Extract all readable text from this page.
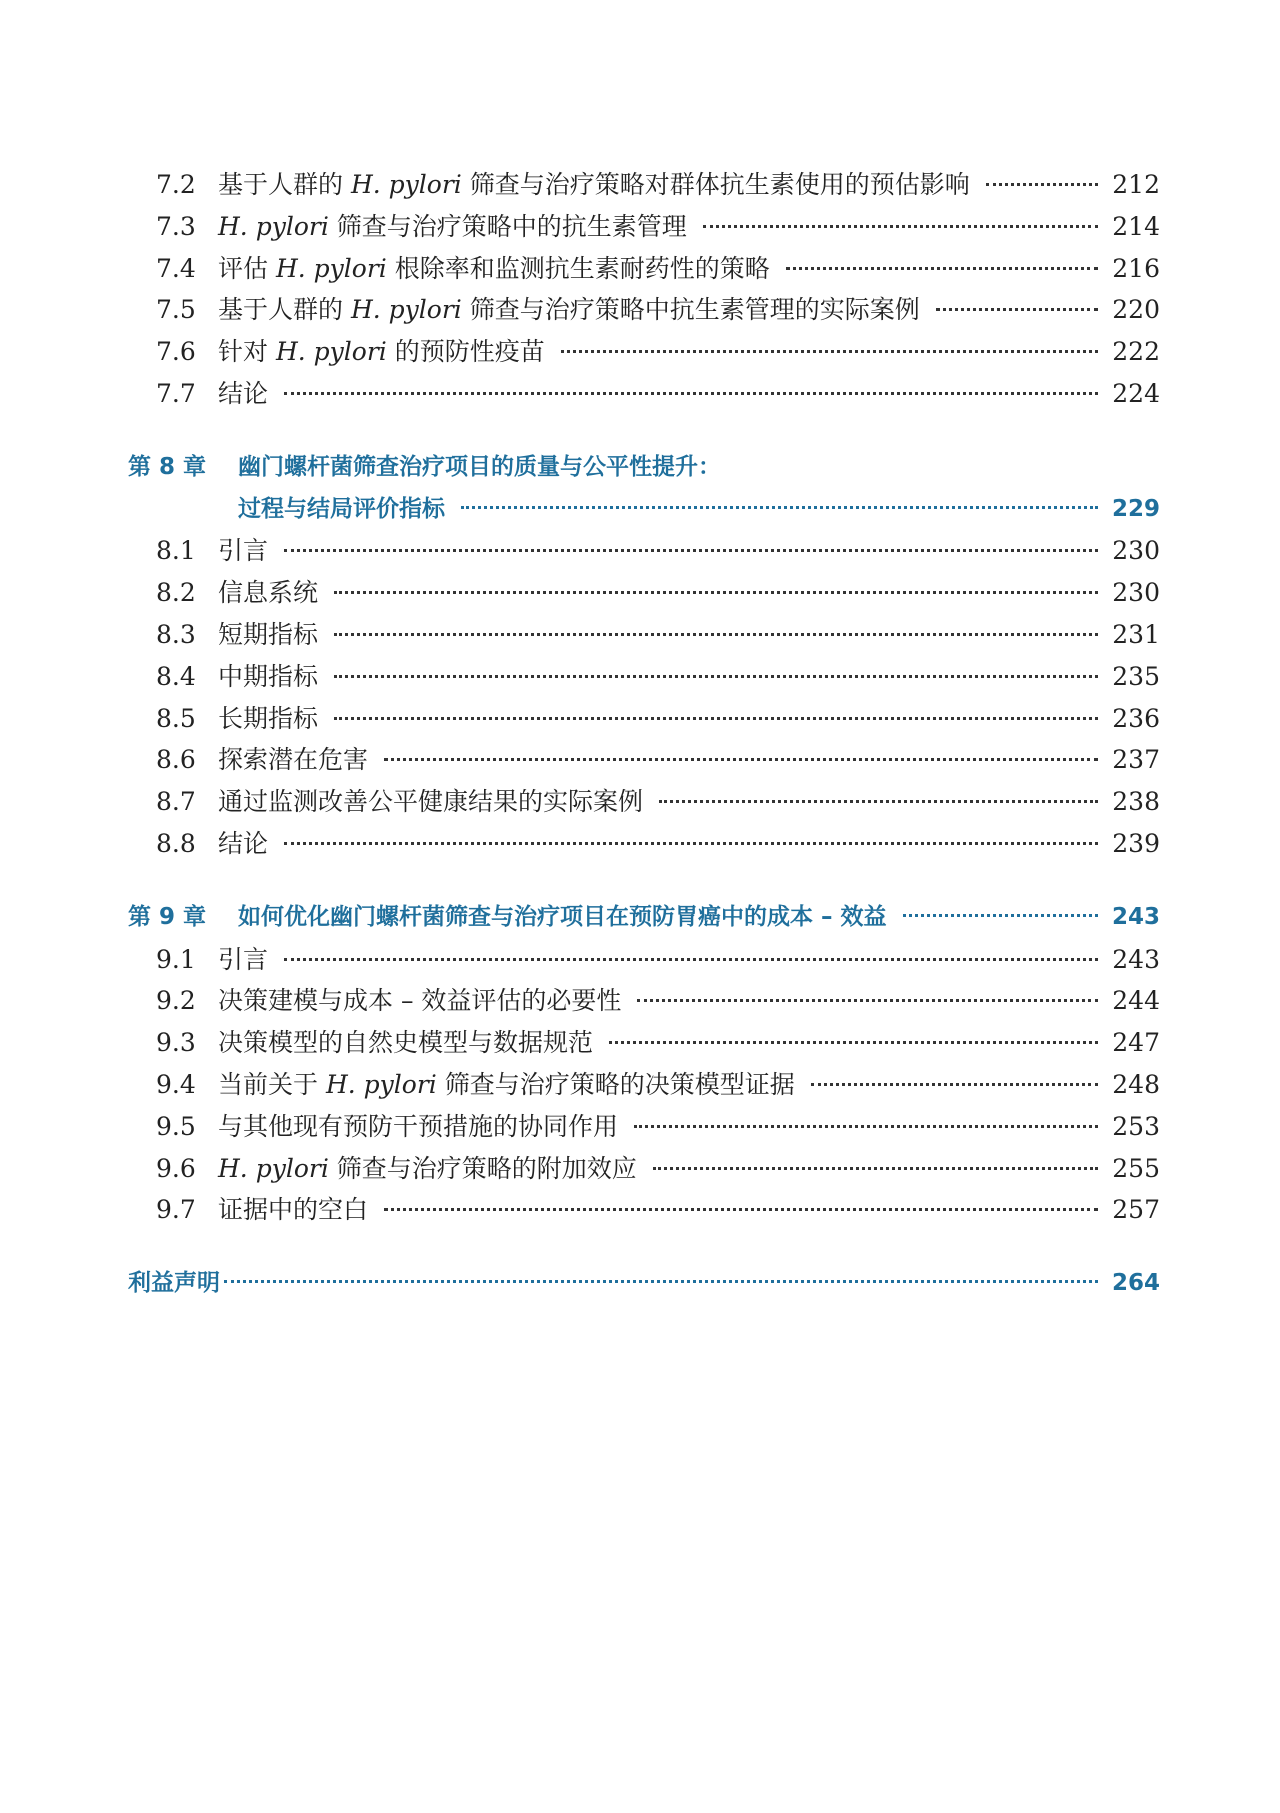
7.2 基于人群的 H. pylori 筛查与治疗策略对群体抗生素使用的预估影响	212
7.3 H. pylori 筛查与治疗策略中的抗生素管理	214
7.4 评估 H. pylori 根除率和监测抗生素耐药性的策略	216
7.5 基于人群的 H. pylori 筛查与治疗策略中抗生素管理的实际案例	220
7.6 针对 H. pylori 的预防性疫苗	222
7.7 结论	224
第 8 章	幽门螺杆菌筛查治疗项目的质量与公平性提升：
过程与结局评价指标	229
8.1 引言	230
8.2 信息系统	230
8.3 短期指标	231
8.4 中期指标	235
8.5 长期指标	236
8.6 探索潜在危害	237
8.7 通过监测改善公平健康结果的实际案例	238
8.8 结论	239
第 9 章	如何优化幽门螺杆菌筛查与治疗项目在预防胃癌中的成本 – 效益	243
9.1 引言	243
9.2 决策建模与成本 – 效益评估的必要性	244
9.3 决策模型的自然史模型与数据规范	247
9.4 当前关于 H. pylori 筛查与治疗策略的决策模型证据	248
9.5 与其他现有预防干预措施的协同作用	253
9.6 H. pylori 筛查与治疗策略的附加效应	255
9.7 证据中的空白	257
利益声明	264
